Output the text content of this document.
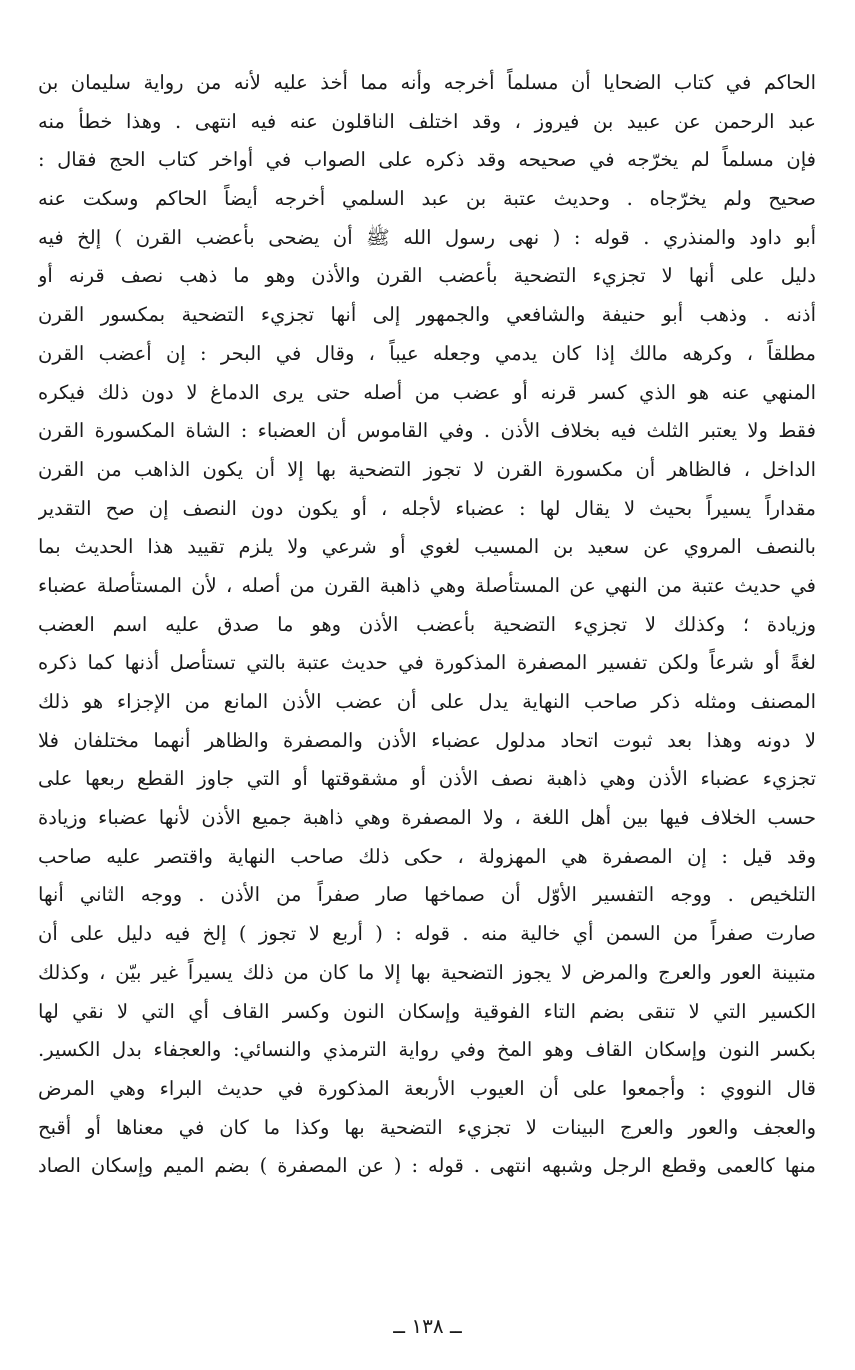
الحاكم في كتاب الضحايا أن مسلماً أخرجه وأنه مما أخذ عليه لأنه من رواية سليمان بن
عبد الرحمن عن عبيد بن فيروز ، وقد اختلف الناقلون عنه فيه انتهى . وهذا خطأ منه
فإن مسلماً لم يخرّجه في صحيحه وقد ذكره على الصواب في أواخر كتاب الحج فقال :
صحيح ولم يخرّجاه . وحديث عتبة بن عبد السلمي أخرجه أيضاً الحاكم وسكت عنه
أبو داود والمنذري . قوله : ( نهى رسول الله ﷺ أن يضحى بأعضب القرن ) إلخ فيه
دليل على أنها لا تجزيء التضحية بأعضب القرن والأذن وهو ما ذهب نصف قرنه أو
أذنه . وذهب أبو حنيفة والشافعي والجمهور إلى أنها تجزيء التضحية بمكسور القرن
مطلقاً ، وكرهه مالك إذا كان يدمي وجعله عيباً ، وقال في البحر : إن أعضب القرن
المنهي عنه هو الذي كسر قرنه أو عضب من أصله حتى يرى الدماغ لا دون ذلك فيكره
فقط ولا يعتبر الثلث فيه بخلاف الأذن . وفي القاموس أن العضباء : الشاة المكسورة القرن
الداخل ، فالظاهر أن مكسورة القرن لا تجوز التضحية بها إلا أن يكون الذاهب من القرن
مقداراً يسيراً بحيث لا يقال لها : عضباء لأجله ، أو يكون دون النصف إن صح التقدير
بالنصف المروي عن سعيد بن المسيب لغوي أو شرعي ولا يلزم تقييد هذا الحديث بما
في حديث عتبة من النهي عن المستأصلة وهي ذاهبة القرن من أصله ، لأن المستأصلة عضباء
وزيادة ؛ وكذلك لا تجزيء التضحية بأعضب الأذن وهو ما صدق عليه اسم العضب
لغةً أو شرعاً ولكن تفسير المصفرة المذكورة في حديث عتبة بالتي تستأصل أذنها كما ذكره
المصنف ومثله ذكر صاحب النهاية يدل على أن عضب الأذن المانع من الإجزاء هو ذلك
لا دونه وهذا بعد ثبوت اتحاد مدلول عضباء الأذن والمصفرة والظاهر أنهما مختلفان فلا
تجزيء عضباء الأذن وهي ذاهبة نصف الأذن أو مشقوقتها أو التي جاوز القطع ربعها على
حسب الخلاف فيها بين أهل اللغة ، ولا المصفرة وهي ذاهبة جميع الأذن لأنها عضباء وزيادة
وقد قيل : إن المصفرة هي المهزولة ، حكى ذلك صاحب النهاية واقتصر عليه صاحب
التلخيص . ووجه التفسير الأوّل أن صماخها صار صفراً من الأذن . ووجه الثاني أنها
صارت صفراً من السمن أي خالية منه . قوله : ( أربع لا تجوز ) إلخ فيه دليل على أن
متبينة العور والعرج والمرض لا يجوز التضحية بها إلا ما كان من ذلك يسيراً غير بيّن ، وكذلك
الكسير التي لا تنقى بضم التاء الفوقية وإسكان النون وكسر القاف أي التي لا نقي لها
بكسر النون وإسكان القاف وهو المخ وفي رواية الترمذي والنسائي: والعجفاء بدل الكسير.
قال النووي : وأجمعوا على أن العيوب الأربعة المذكورة في حديث البراء وهي المرض
والعجف والعور والعرج البينات لا تجزيء التضحية بها وكذا ما كان في معناها أو أقبح
منها كالعمى وقطع الرجل وشبهه انتهى . قوله : ( عن المصفرة ) بضم الميم وإسكان الصاد
ــ ١٣٨ ــ
